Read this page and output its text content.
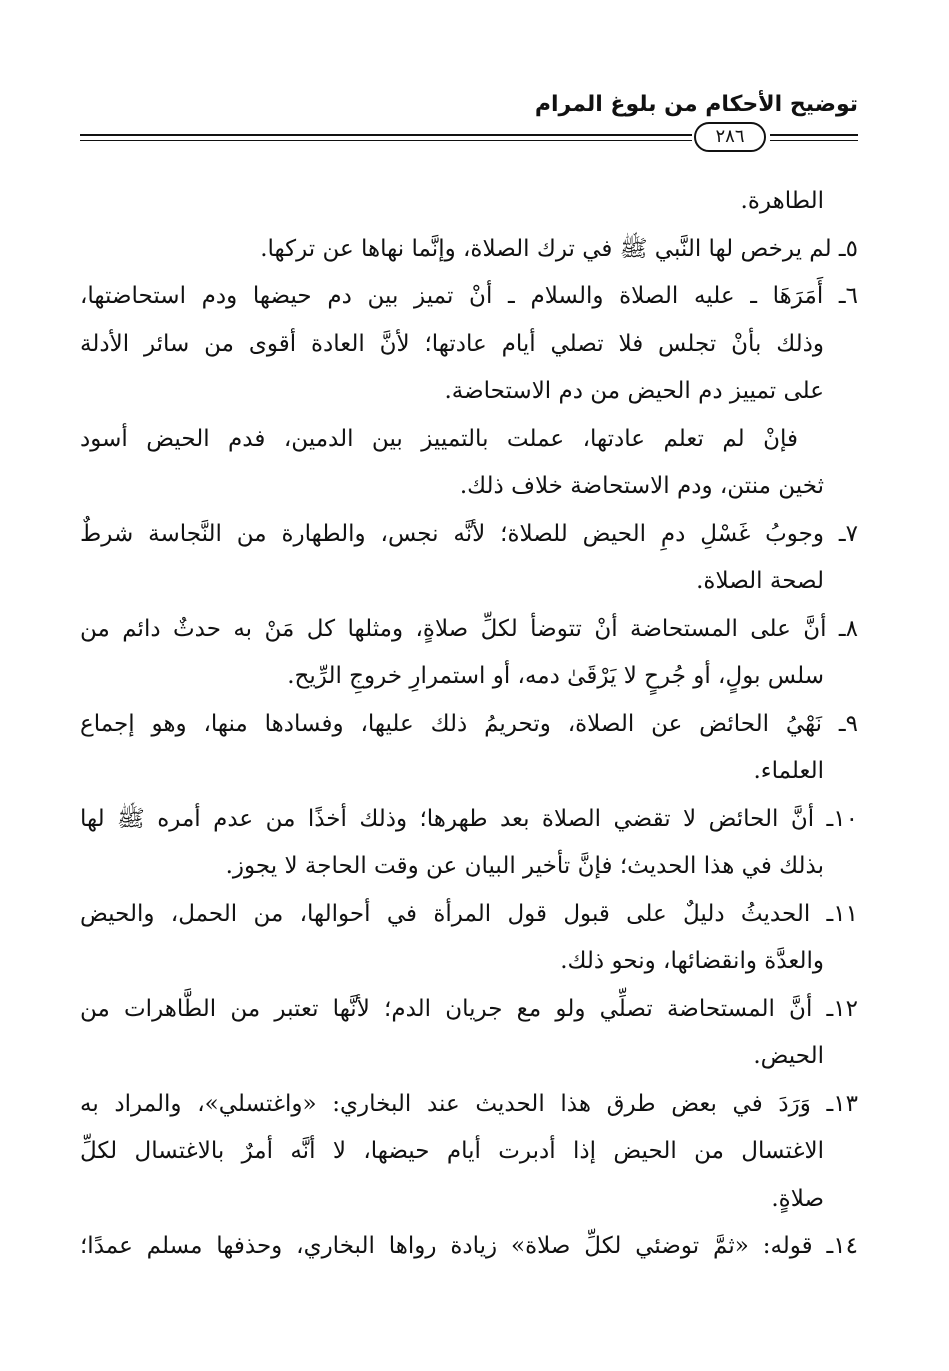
توضيح الأحكام من بلوغ المرام
٢٨٦
الطاهرة.
٥ـ لم يرخص لها النَّبي ﷺ في ترك الصلاة، وإنَّما نهاها عن تركها.
٦ـ أَمَرَهَا ـ عليه الصلاة والسلام ـ أنْ تميز بين دم حيضها ودم استحاضتها،
وذلك بأنْ تجلس فلا تصلي أيام عادتها؛ لأنَّ العادة أقوى من سائر الأدلة
على تمييز دم الحيض من دم الاستحاضة.
فإنْ لم تعلم عادتها، عملت بالتمييز بين الدمين، فدم الحيض أسود
ثخين منتن، ودم الاستحاضة خلاف ذلك.
٧ـ وجوبُ غَسْلِ دمِ الحيض للصلاة؛ لأنَّه نجس، والطهارة من النَّجاسة شرطٌ
لصحة الصلاة.
٨ـ أنَّ على المستحاضة أنْ تتوضأ لكلِّ صلاةٍ، ومثلها كل مَنْ به حدثٌ دائم من
سلس بولٍ، أو جُرحٍ لا يَرْقَىٰ دمه، أو استمرارِ خروجِ الرِّيح.
٩ـ نَهْيُ الحائض عن الصلاة، وتحريمُ ذلك عليها، وفسادها منها، وهو إجماع
العلماء.
١٠ـ أنَّ الحائض لا تقضي الصلاة بعد طهرها؛ وذلك أخذًا من عدم أمره ﷺ لها
بذلك في هذا الحديث؛ فإنَّ تأخير البيان عن وقت الحاجة لا يجوز.
١١ـ الحديثُ دليلٌ على قبول قول المرأة في أحوالها، من الحمل، والحيض
والعدَّة وانقضائها، ونحو ذلك.
١٢ـ أنَّ المستحاضة تصلِّي ولو مع جريان الدم؛ لأنَّها تعتبر من الطَّاهرات من
الحيض.
١٣ـ وَرَدَ في بعض طرق هذا الحديث عند البخاري: «واغتسلي»، والمراد به
الاغتسال من الحيض إذا أدبرت أيام حيضها، لا أنَّه أمرٌ بالاغتسال لكلِّ
صلاةٍ.
١٤ـ قوله: «ثمَّ توضئي لكلِّ صلاة» زيادة رواها البخاري، وحذفها مسلم عمدًا؛
